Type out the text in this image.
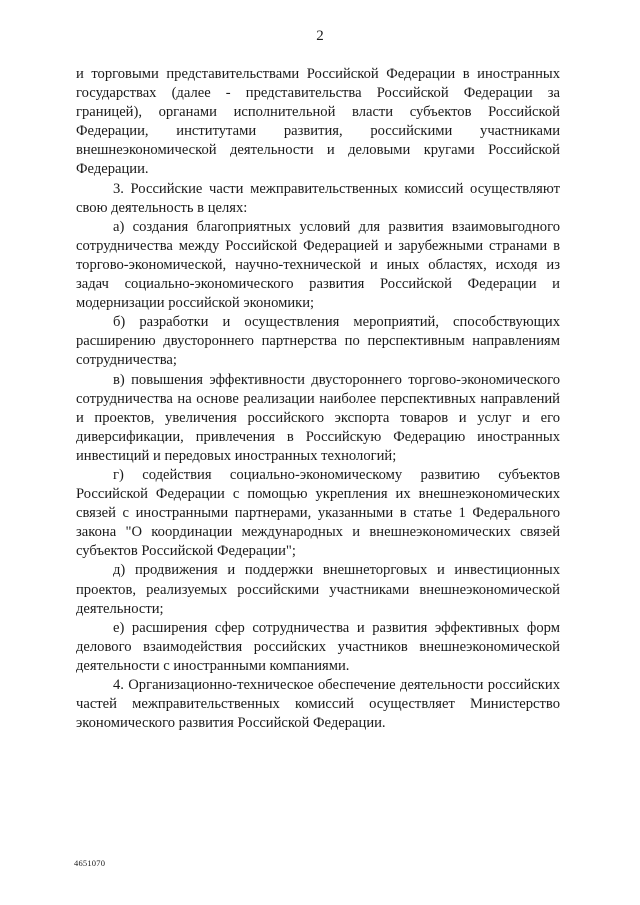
2

и торговыми представительствами Российской Федерации в иностранных государствах (далее - представительства Российской Федерации за границей), органами исполнительной власти субъектов Российской Федерации, институтами развития, российскими участниками внешнеэкономической деятельности и деловыми кругами Российской Федерации.

3. Российские части межправительственных комиссий осуществляют свою деятельность в целях:

а) создания благоприятных условий для развития взаимовыгодного сотрудничества между Российской Федерацией и зарубежными странами в торгово-экономической, научно-технической и иных областях, исходя из задач социально-экономического развития Российской Федерации и модернизации российской экономики;

б) разработки и осуществления мероприятий, способствующих расширению двустороннего партнерства по перспективным направлениям сотрудничества;

в) повышения эффективности двустороннего торгово-экономического сотрудничества на основе реализации наиболее перспективных направлений и проектов, увеличения российского экспорта товаров и услуг и его диверсификации, привлечения в Российскую Федерацию иностранных инвестиций и передовых иностранных технологий;

г) содействия социально-экономическому развитию субъектов Российской Федерации с помощью укрепления их внешнеэкономических связей с иностранными партнерами, указанными в статье 1 Федерального закона "О координации международных и внешнеэкономических связей субъектов Российской Федерации";

д) продвижения и поддержки внешнеторговых и инвестиционных проектов, реализуемых российскими участниками внешнеэкономической деятельности;

е) расширения сфер сотрудничества и развития эффективных форм делового взаимодействия российских участников внешнеэкономической деятельности с иностранными компаниями.

4. Организационно-техническое обеспечение деятельности российских частей межправительственных комиссий осуществляет Министерство экономического развития Российской Федерации.

4651070
